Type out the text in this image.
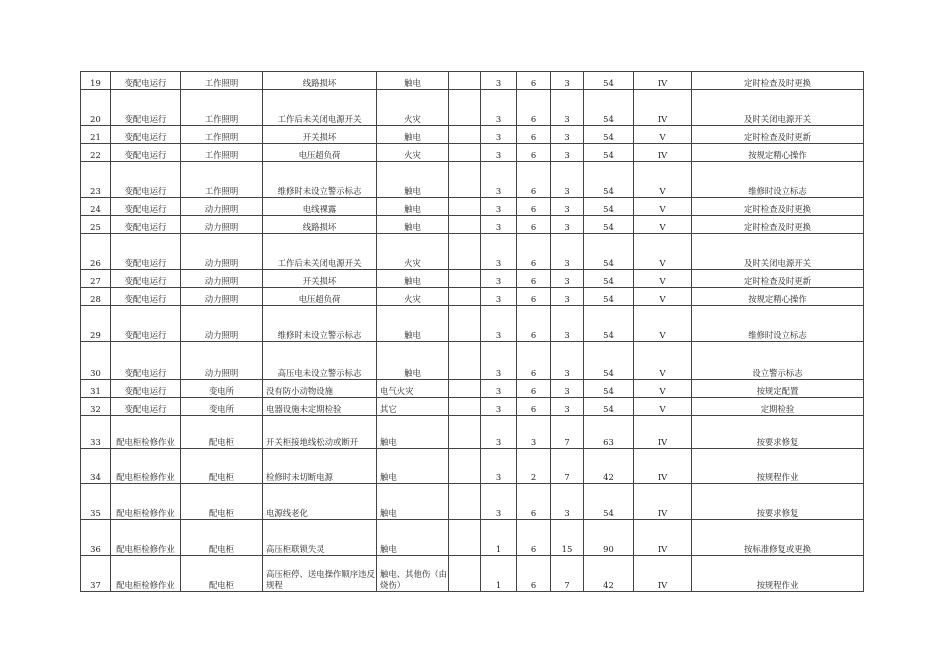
19	变配电运行	工作照明	线路损坏	触电		3	6	3	54	IV	定时检查及时更换
20	变配电运行	工作照明	工作后未关闭电源开关	火灾		3	6	3	54	IV	及时关闭电源开关
21	变配电运行	工作照明	开关损坏	触电		3	6	3	54	V	定时检查及时更新
22	变配电运行	工作照明	电压超负荷	火灾		3	6	3	54	IV	按规定精心操作
23	变配电运行	工作照明	维修时未设立警示标志	触电		3	6	3	54	V	维修时设立标志
24	变配电运行	动力照明	电线裸露	触电		3	6	3	54	V	定时检查及时更换
25	变配电运行	动力照明	线路损坏	触电		3	6	3	54	V	定时检查及时更换
26	变配电运行	动力照明	工作后未关闭电源开关	火灾		3	6	3	54	V	及时关闭电源开关
27	变配电运行	动力照明	开关损坏	触电		3	6	3	54	V	定时检查及时更新
28	变配电运行	动力照明	电压超负荷	火灾		3	6	3	54	V	按规定精心操作
29	变配电运行	动力照明	维修时未设立警示标志	触电		3	6	3	54	V	维修时设立标志
30	变配电运行	动力照明	高压电未设立警示标志	触电		3	6	3	54	V	设立警示标志
31	变配电运行	变电所	没有防小动物设施	电气火灾		3	6	3	54	V	按规定配置
32	变配电运行	变电所	电器设施未定期检验	其它		3	6	3	54	V	定期检验
33	配电柜检修作业	配电柜	开关柜接地线松动或断开	触电		3	3	7	63	IV	按要求修复
34	配电柜检修作业	配电柜	检修时未切断电源	触电		3	2	7	42	IV	按规程作业
35	配电柜检修作业	配电柜	电源线老化	触电		3	6	3	54	IV	按要求修复
36	配电柜检修作业	配电柜	高压柜联锁失灵	触电		1	6	15	90	IV	按标准修复或更换
37	配电柜检修作业	配电柜	高压柜停、送电操作顺序违反规程	触电、其他伤（由烧伤）		1	6	7	42	IV	按规程作业
